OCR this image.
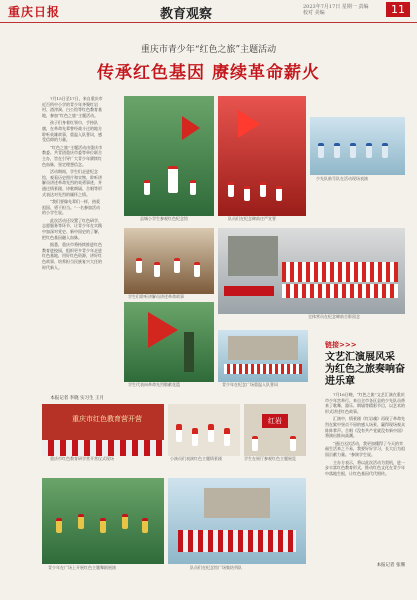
重庆日报	教育观察	2023年7月17日 星期一 责编 校对 美编	11
重庆市青少年“红色之旅”主题活动
传承红色基因 赓续革命薪火

7月15日至17日，来自重庆市近百所中小学的青少年齐聚红岩村、渣滓洞、白公馆等红色教育基地，参加“红色之旅”主题活动。

孩子们身着红领巾，手持队旗，在革命先辈曾经战斗过的地方聆听英雄故事，重温入队誓词，感受信仰的力量。

“红色之旅”主题活动由重庆市教委、共青团重庆市委等单位联合主办，旨在引导广大青少年赓续红色血脉，坚定理想信念。

活动期间，学生们走进纪念馆，观看历史图片和实物，聆听讲解员讲述革命先烈的英勇事迹，并通过情景剧、诗歌朗诵、合唱等形式表达对先烈的缅怀之情。

“我们要像先辈们一样，热爱祖国、勇于担当。”一名参加活动的小学生说。

此次活动还设置了红色研学、志愿服务等环节，让青少年在实践中加深对党史、新中国史的了解，把红色基因融入血脉。

据悉，重庆市将持续推进红色教育进校园，组织更多青少年走进红色基地，用好红色资源，讲好红色故事，培养担当民族复兴大任的时代新人。

本报记者 李晓 实习生 王月
县城小学生参观红色纪念馆	队员们在纪念碑前庄严宣誓
少先队鼓号队在活动现场表演
学生们聆听讲解员讲述革命故事
全体营员在纪念碑前合影留念
学生代表向革命先烈敬献花篮	青少年在纪念广场重温入队誓词
重庆市红色教育营开营
重庆市红色教育研学营开营仪式现场	小演员们表演红色主题情景剧
红岩
学生在展厅参观红色主题展览
青少年在广场上开展红色主题舞蹈展演	队员们在纪念馆广场集结列队
链接>>>
文艺汇演展风采 为红色之旅奏响奋进乐章

7月16日晚，“红色之旅”文艺汇演在重庆市少年宫举行。来自全市各区县的少先队员带来了歌舞、器乐、朗诵等精彩节目，以艺术的形式讲述红色故事。

汇演中，情景剧《红岩魂》再现了革命先烈在狱中坚贞不屈的感人场景，赢得现场观众阵阵掌声。合唱《没有共产党就没有新中国》将演出推向高潮。

“通过这次活动，我更加懂得了今天的幸福生活来之不易，我要好好学习，长大后为祖国贡献力量。”参演学生说。

主办方表示，将以此次活动为契机，进一步丰富红色教育形式，推动红色文化在青少年中落地生根，让红色基因代代相传。

本报记者 张珊
